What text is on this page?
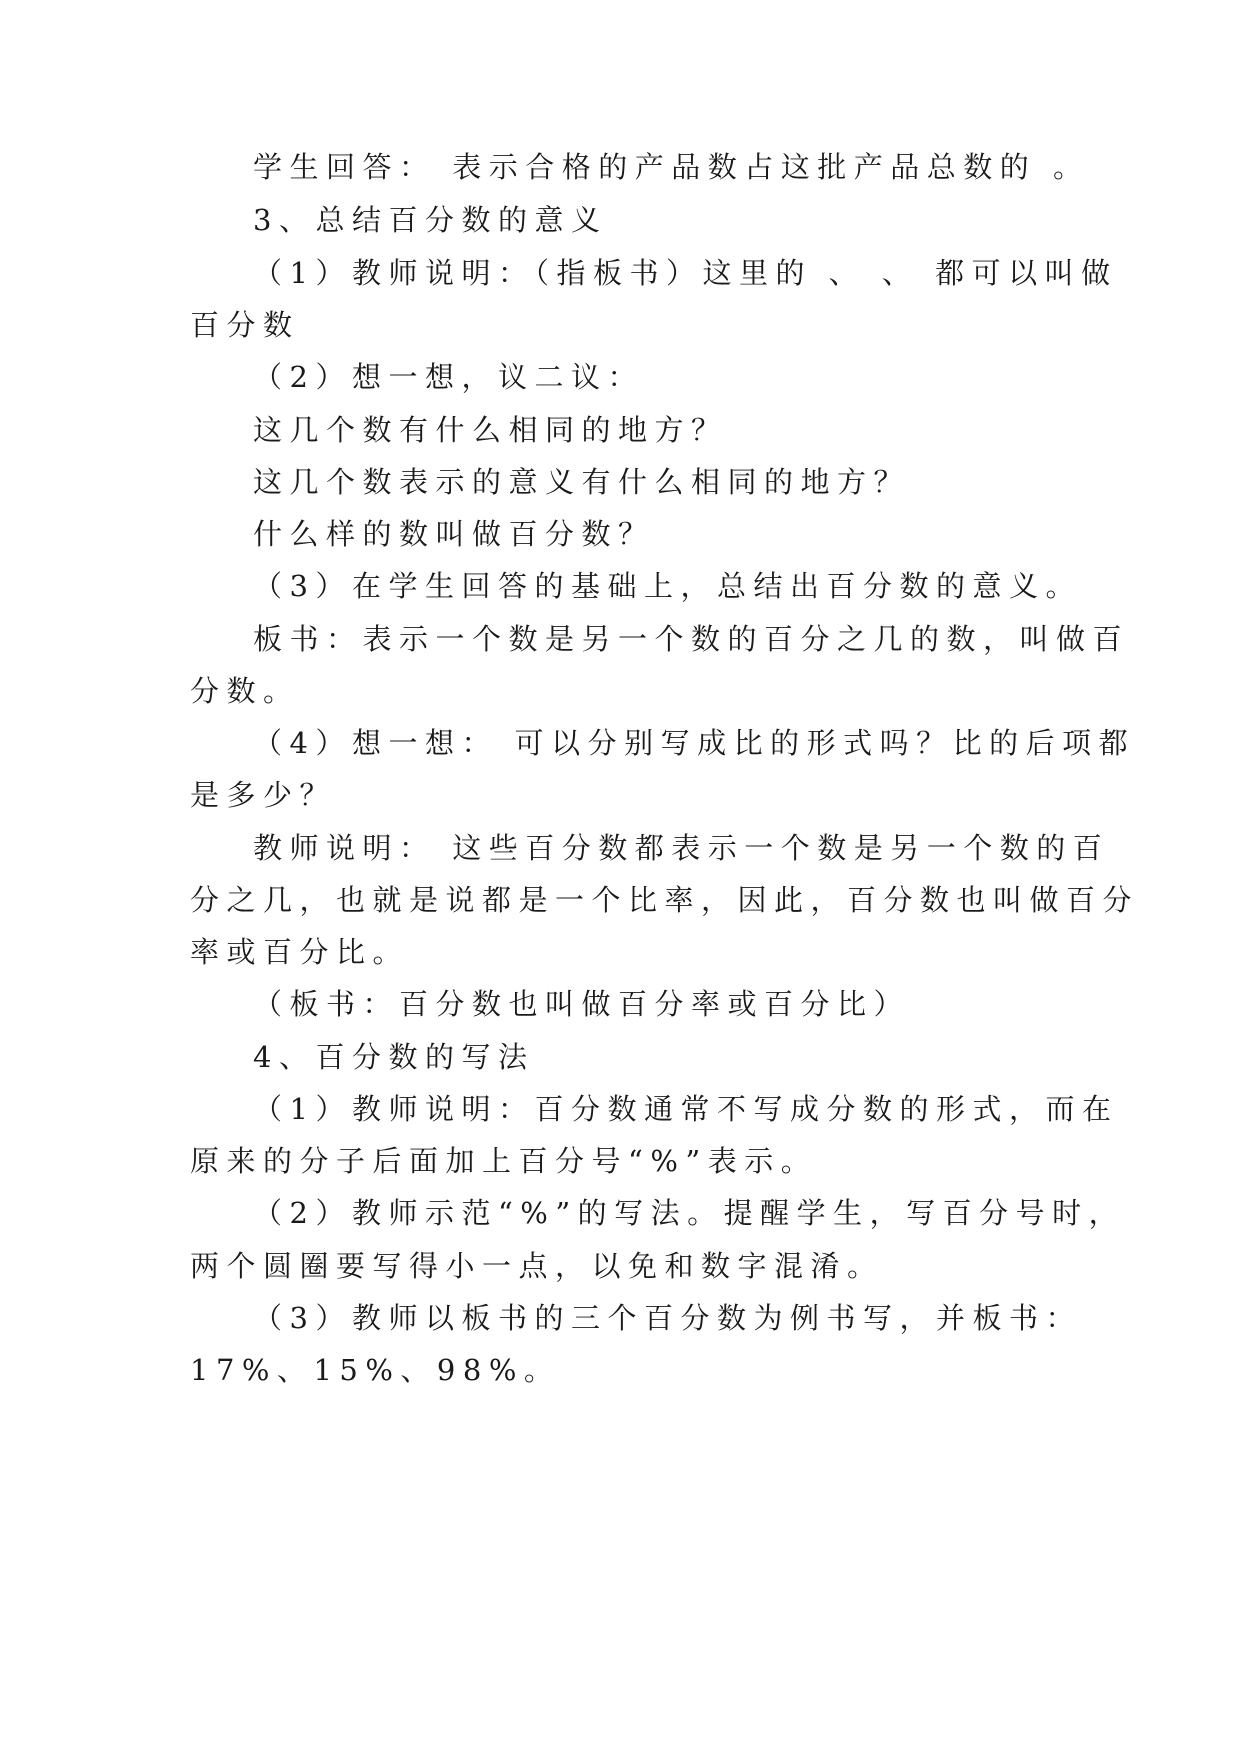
学生回答： 表示合格的产品数占这批产品总数的 。
3、总结百分数的意义
（1）教师说明：（指板书）这里的 、 、 都可以叫做
百分数
（2）想一想，议二议：
这几个数有什么相同的地方？
这几个数表示的意义有什么相同的地方？
什么样的数叫做百分数？
（3）在学生回答的基础上，总结出百分数的意义。
板书：表示一个数是另一个数的百分之几的数，叫做百
分数。
（4）想一想： 可以分别写成比的形式吗？比的后项都
是多少？
教师说明： 这些百分数都表示一个数是另一个数的百
分之几，也就是说都是一个比率，因此，百分数也叫做百分
率或百分比。
（板书：百分数也叫做百分率或百分比）
4、百分数的写法
（1）教师说明：百分数通常不写成分数的形式，而在
原来的分子后面加上百分号“%”表示。
（2）教师示范“%”的写法。提醒学生，写百分号时，
两个圆圈要写得小一点，以免和数字混淆。
（3）教师以板书的三个百分数为例书写，并板书：
17%、15%、98%。
